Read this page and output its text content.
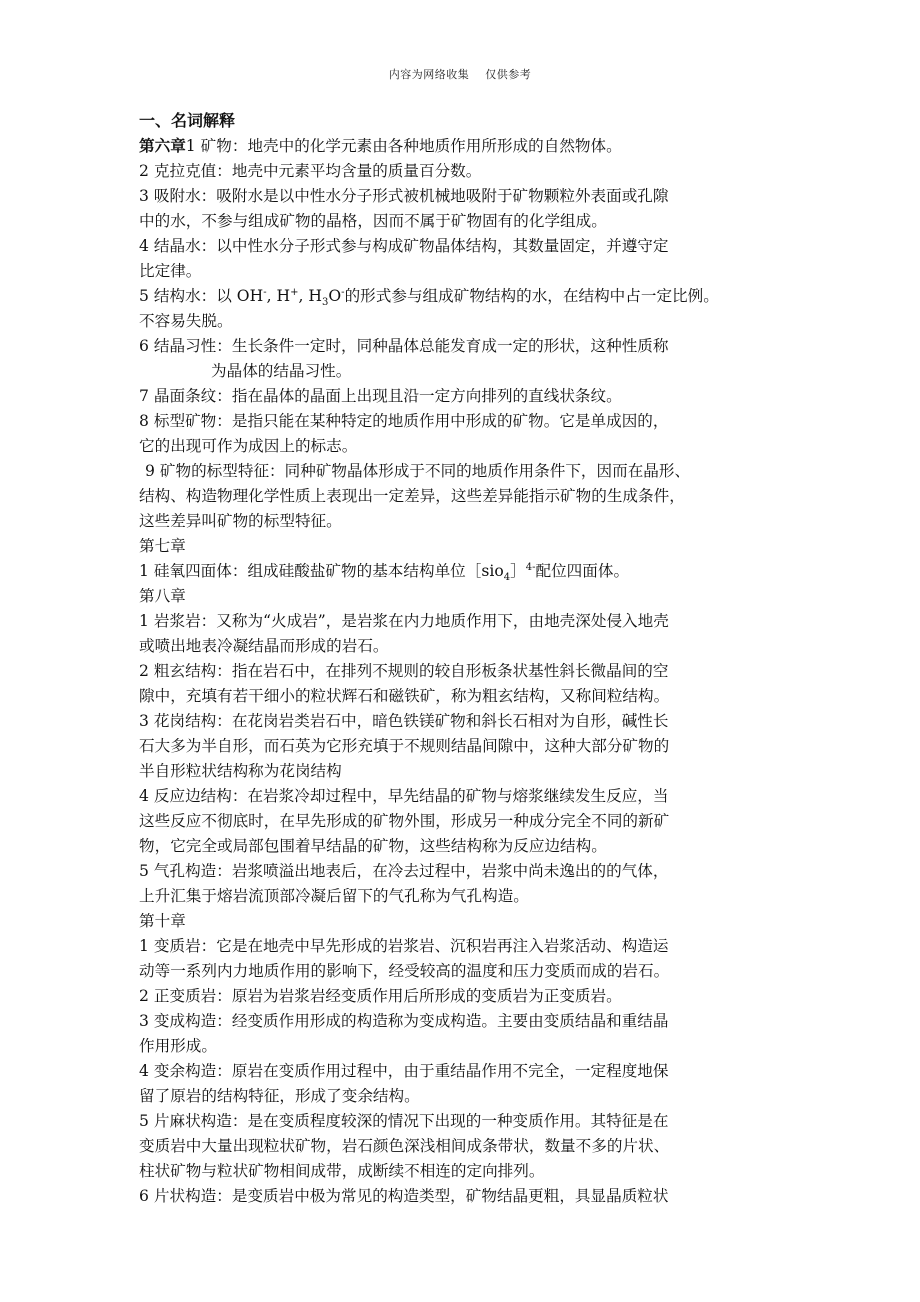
内容为网络收集 仅供参考

一、名词解释

第六章1 矿物：地壳中的化学元素由各种地质作用所形成的自然物体。

2 克拉克值：地壳中元素平均含量的质量百分数。

3 吸附水：吸附水是以中性水分子形式被机械地吸附于矿物颗粒外表面或孔隙

中的水，不参与组成矿物的晶格，因而不属于矿物固有的化学组成。

4 结晶水：以中性水分子形式参与构成矿物晶体结构，其数量固定，并遵守定

比定律。

5 结构水：以 OH-, H+, $H_3O^-$的形式参与组成矿物结构的水，在结构中占一定比例。

不容易失脱。

6 结晶习性：生长条件一定时，同种晶体总能发育成一定的形状，这种性质称

为晶体的结晶习性。

7 晶面条纹：指在晶体的晶面上出现且沿一定方向排列的直线状条纹。

8 标型矿物：是指只能在某种特定的地质作用中形成的矿物。它是单成因的，

它的出现可作为成因上的标志。

9 矿物的标型特征：同种矿物晶体形成于不同的地质作用条件下，因而在晶形、

结构、构造物理化学性质上表现出一定差异，这些差异能指示矿物的生成条件，

这些差异叫矿物的标型特征。

第七章

1 硅氧四面体：组成硅酸盐矿物的基本结构单位［sio$_4$］$^{4-}$配位四面体。

第八章

1 岩浆岩：又称为“火成岩”，是岩浆在内力地质作用下，由地壳深处侵入地壳

或喷出地表冷凝结晶而形成的岩石。

2 粗玄结构：指在岩石中，在排列不规则的较自形板条状基性斜长微晶间的空

隙中，充填有若干细小的粒状辉石和磁铁矿，称为粗玄结构，又称间粒结构。

3 花岗结构：在花岗岩类岩石中，暗色铁镁矿物和斜长石相对为自形，碱性长

石大多为半自形，而石英为它形充填于不规则结晶间隙中，这种大部分矿物的

半自形粒状结构称为花岗结构

4 反应边结构：在岩浆冷却过程中，早先结晶的矿物与熔浆继续发生反应，当

这些反应不彻底时，在早先形成的矿物外围，形成另一种成分完全不同的新矿

物，它完全或局部包围着早结晶的矿物，这些结构称为反应边结构。

5 气孔构造：岩浆喷溢出地表后，在冷去过程中，岩浆中尚未逸出的的气体，

上升汇集于熔岩流顶部冷凝后留下的气孔称为气孔构造。

第十章

1 变质岩：它是在地壳中早先形成的岩浆岩、沉积岩再注入岩浆活动、构造运

动等一系列内力地质作用的影响下，经受较高的温度和压力变质而成的岩石。

2 正变质岩：原岩为岩浆岩经变质作用后所形成的变质岩为正变质岩。

3 变成构造：经变质作用形成的构造称为变成构造。主要由变质结晶和重结晶

作用形成。

4 变余构造：原岩在变质作用过程中，由于重结晶作用不完全，一定程度地保

留了原岩的结构特征，形成了变余结构。

5 片麻状构造：是在变质程度较深的情况下出现的一种变质作用。其特征是在

变质岩中大量出现粒状矿物，岩石颜色深浅相间成条带状，数量不多的片状、

柱状矿物与粒状矿物相间成带，成断续不相连的定向排列。

6 片状构造：是变质岩中极为常见的构造类型，矿物结晶更粗，具显晶质粒状
